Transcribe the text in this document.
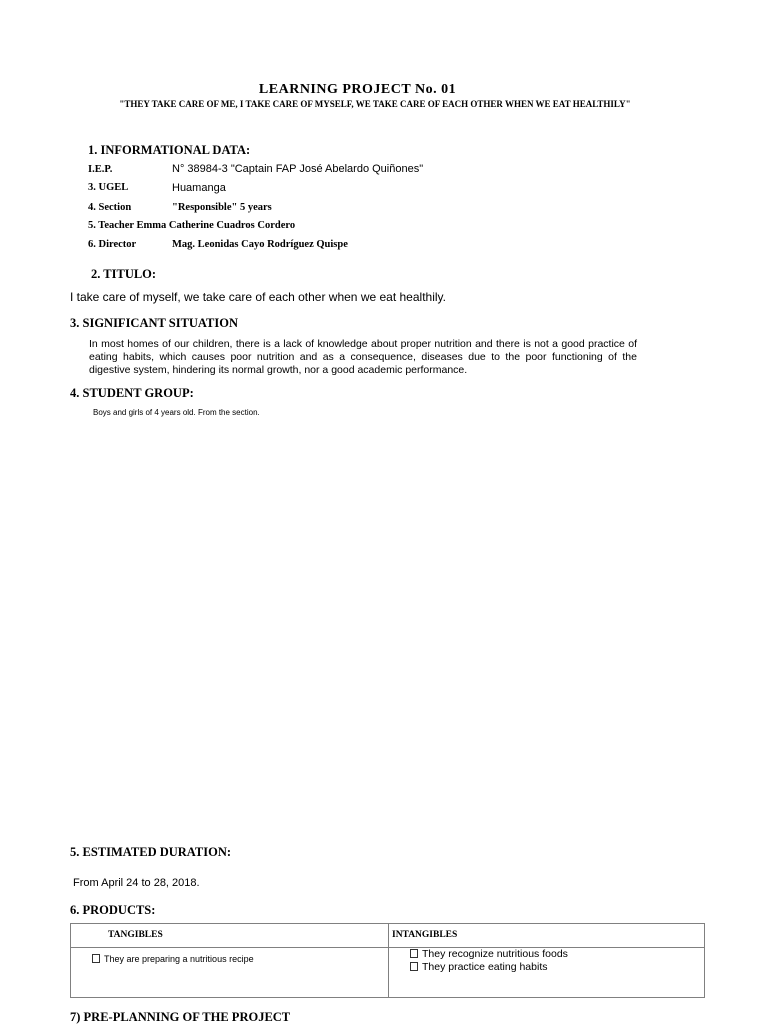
LEARNING PROJECT No. 01
"THEY TAKE CARE OF ME, I TAKE CARE OF MYSELF, WE TAKE CARE OF EACH OTHER WHEN WE EAT HEALTHILY"
1. INFORMATIONAL DATA:
I.E.P.	N° 38984-3 "Captain FAP José Abelardo Quiñones"
3. UGEL	Huamanga
4. Section	"Responsible" 5 years
5. Teacher Emma Catherine Cuadros Cordero
6. Director	Mag. Leonidas Cayo Rodríguez Quispe
2. TITULO:
I take care of myself, we take care of each other when we eat healthily.
3. SIGNIFICANT SITUATION
In most homes of our children, there is a lack of knowledge about proper nutrition and there is not a good practice of eating habits, which causes poor nutrition and as a consequence, diseases due to the poor functioning of the digestive system, hindering its normal growth, nor a good academic performance.
4. STUDENT GROUP:
Boys and girls of 4 years old. From the section.
5. ESTIMATED DURATION:
From April 24 to 28, 2018.
6. PRODUCTS:
TANGIBLES	INTANGIBLES

They are preparing a nutritious recipe	They recognize nutritious foods
They practice eating habits
7) PRE-PLANNING OF THE PROJECT
